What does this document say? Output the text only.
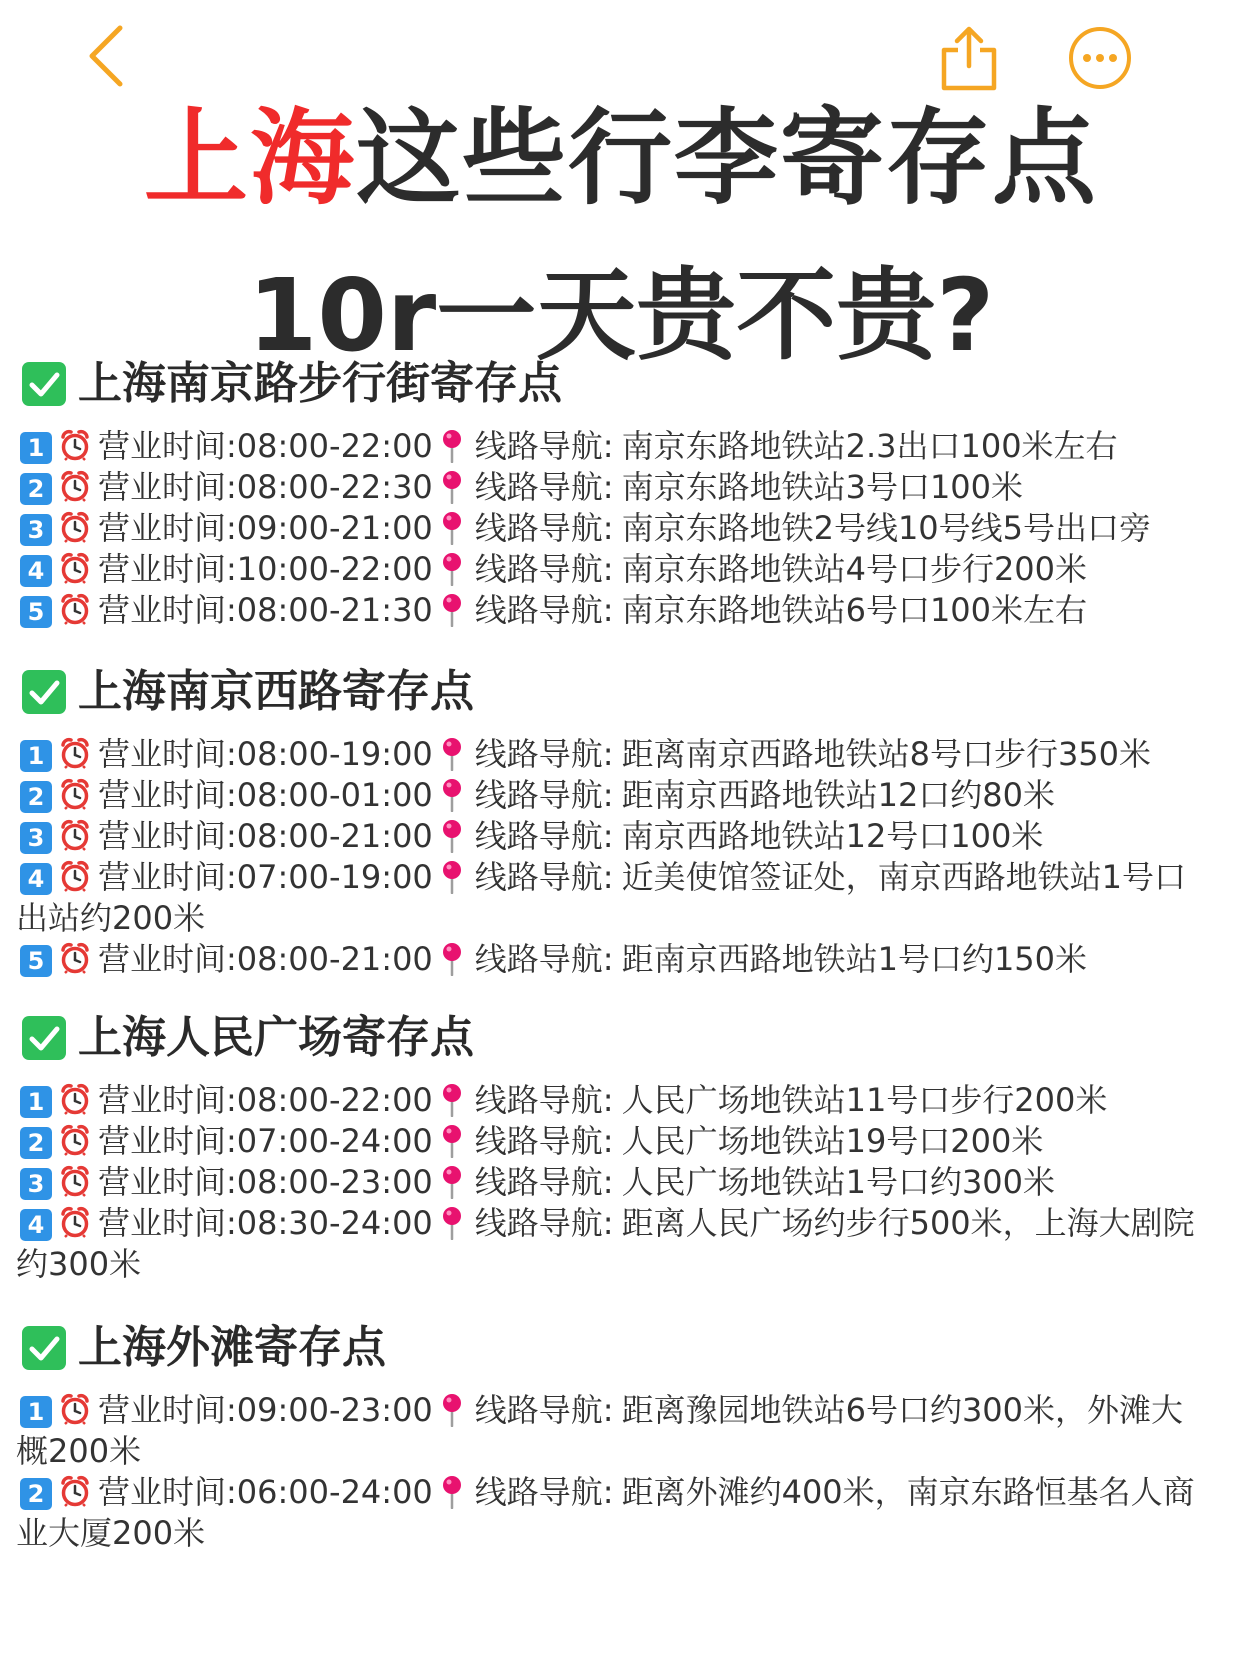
上海这些行李寄存点
10r一天贵不贵?
上海南京路步行街寄存点
1 营业时间:08:00-22:00 线路导航: 南京东路地铁站2.3出口100米左右
2 营业时间:08:00-22:30 线路导航: 南京东路地铁站3号口100米
3 营业时间:09:00-21:00 线路导航: 南京东路地铁2号线10号线5号出口旁
4 营业时间:10:00-22:00 线路导航: 南京东路地铁站4号口步行200米
5 营业时间:08:00-21:30 线路导航: 南京东路地铁站6号口100米左右
上海南京西路寄存点
1 营业时间:08:00-19:00 线路导航: 距离南京西路地铁站8号口步行350米
2 营业时间:08:00-01:00 线路导航: 距南京西路地铁站12口约80米
3 营业时间:08:00-21:00 线路导航: 南京西路地铁站12号口100米
4 营业时间:07:00-19:00 线路导航: 近美使馆签证处，南京西路地铁站1号口出站约200米
5 营业时间:08:00-21:00 线路导航: 距南京西路地铁站1号口约150米
上海人民广场寄存点
1 营业时间:08:00-22:00 线路导航: 人民广场地铁站11号口步行200米
2 营业时间:07:00-24:00 线路导航: 人民广场地铁站19号口200米
3 营业时间:08:00-23:00 线路导航: 人民广场地铁站1号口约300米
4 营业时间:08:30-24:00 线路导航: 距离人民广场约步行500米，上海大剧院约300米
上海外滩寄存点
1 营业时间:09:00-23:00 线路导航: 距离豫园地铁站6号口约300米，外滩大概200米
2 营业时间:06:00-24:00 线路导航: 距离外滩约400米，南京东路恒基名人商业大厦200米
